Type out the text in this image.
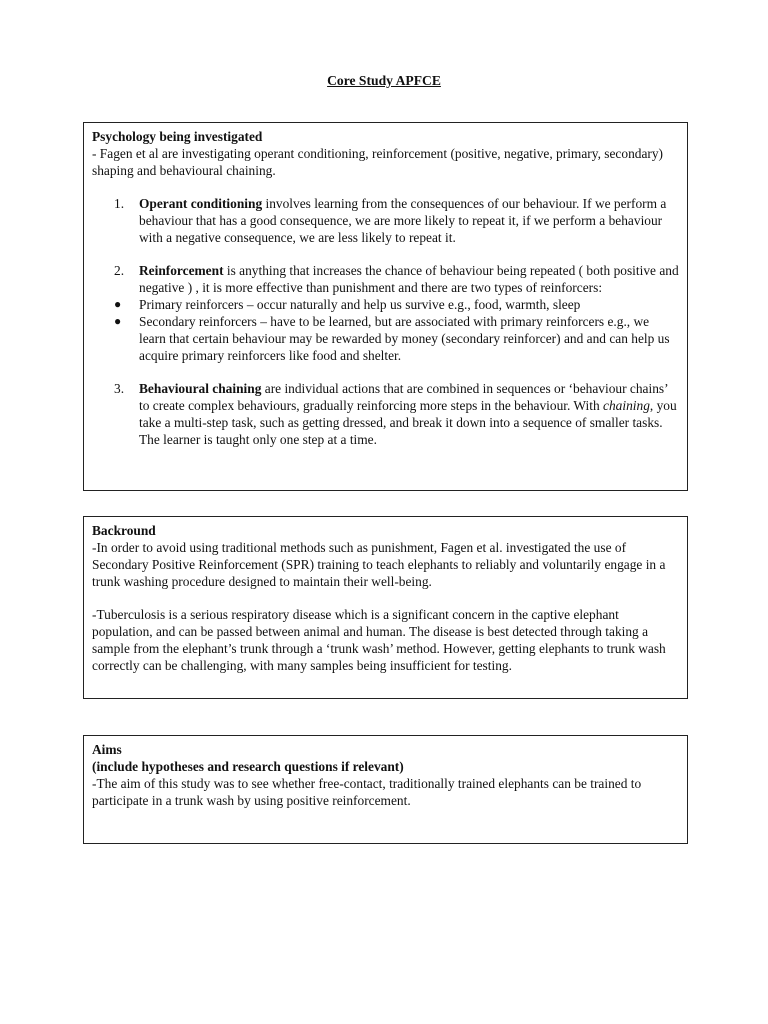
Core Study APFCE

Psychology being investigated

- Fagen et al are investigating operant conditioning, reinforcement (positive, negative, primary, secondary) shaping and behavioural chaining.

1. Operant conditioning involves learning from the consequences of our behaviour. If we perform a behaviour that has a good consequence, we are more likely to repeat it, if we perform a behaviour with a negative consequence, we are less likely to repeat it.
2. Reinforcement is anything that increases the chance of behaviour being repeated ( both positive and negative ) , it is more effective than punishment and there are two types of reinforcers:
● Primary reinforcers – occur naturally and help us survive e.g., food, warmth, sleep
● Secondary reinforcers – have to be learned, but are associated with primary reinforcers e.g., we learn that certain behaviour may be rewarded by money (secondary reinforcer) and and can help us acquire primary reinforcers like food and shelter.
3. Behavioural chaining are individual actions that are combined in sequences or ‘behaviour chains’ to create complex behaviours, gradually reinforcing more steps in the behaviour. With chaining, you take a multi-step task, such as getting dressed, and break it down into a sequence of smaller tasks. The learner is taught only one step at a time.

Backround

-In order to avoid using traditional methods such as punishment, Fagen et al. investigated the use of Secondary Positive Reinforcement (SPR) training to teach elephants to reliably and voluntarily engage in a trunk washing procedure designed to maintain their well-being.

-Tuberculosis is a serious respiratory disease which is a significant concern in the captive elephant population, and can be passed between animal and human. The disease is best detected through taking a sample from the elephant’s trunk through a ‘trunk wash’ method. However, getting elephants to trunk wash correctly can be challenging, with many samples being insufficient for testing.

Aims

(include hypotheses and research questions if relevant)

-The aim of this study was to see whether free-contact, traditionally trained elephants can be trained to participate in a trunk wash by using positive reinforcement.
